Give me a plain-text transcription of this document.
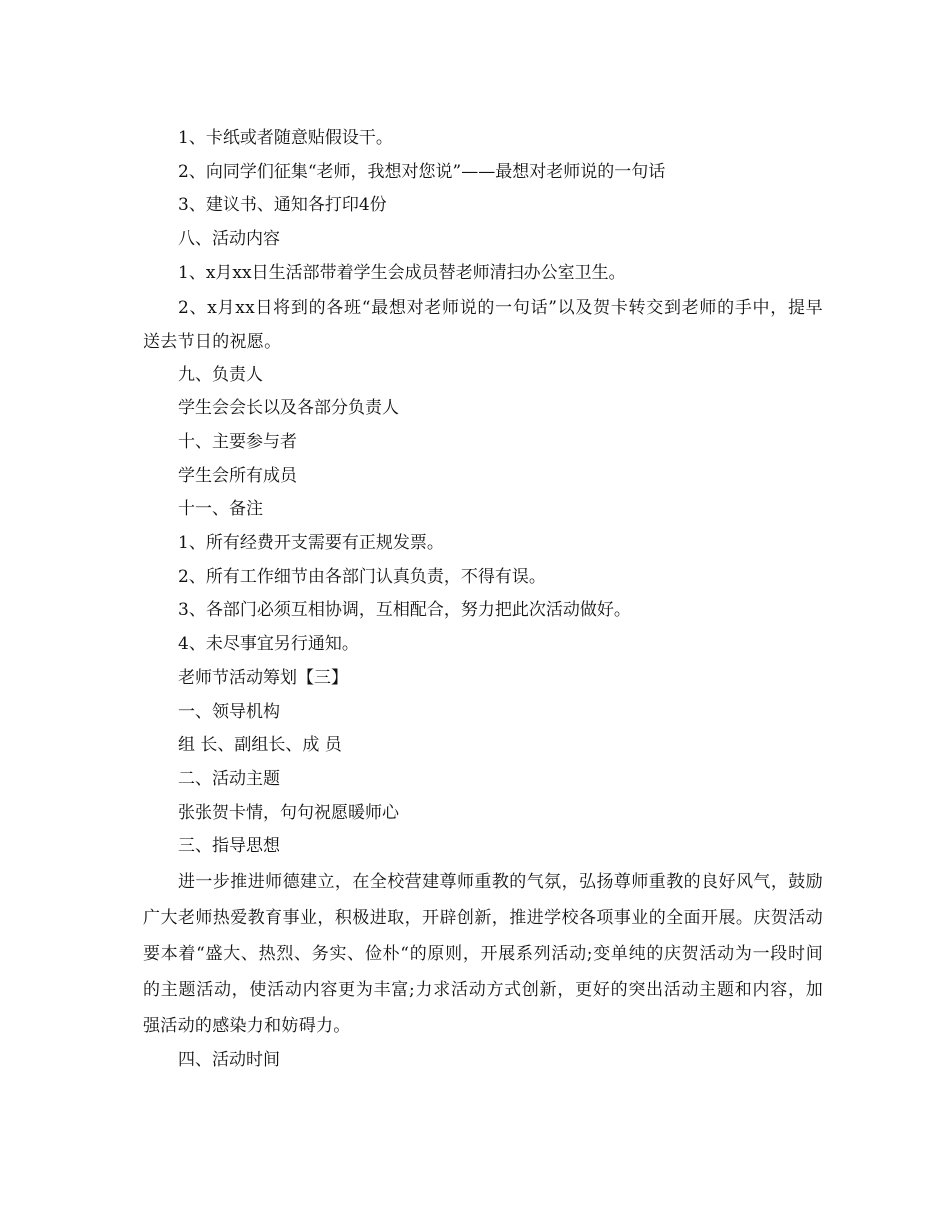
1、卡纸或者随意贴假设干。

2、向同学们征集“老师，我想对您说”——最想对老师说的一句话

3、建议书、通知各打印4份

八、活动内容

1、x月xx日生活部带着学生会成员替老师清扫办公室卫生。

2、x月xx日将到的各班“最想对老师说的一句话”以及贺卡转交到老师的手中，提早送去节日的祝愿。

九、负责人

学生会会长以及各部分负责人

十、主要参与者

学生会所有成员

十一、备注

1、所有经费开支需要有正规发票。

2、所有工作细节由各部门认真负责，不得有误。

3、各部门必须互相协调，互相配合，努力把此次活动做好。

4、未尽事宜另行通知。

老师节活动筹划【三】

一、领导机构

组 长、副组长、成 员

二、活动主题

张张贺卡情，句句祝愿暖师心

三、指导思想

进一步推进师德建立，在全校营建尊师重教的气氛，弘扬尊师重教的良好风气，鼓励广大老师热爱教育事业，积极进取，开辟创新，推进学校各项事业的全面开展。庆贺活动要本着“盛大、热烈、务实、俭朴“的原则，开展系列活动;变单纯的庆贺活动为一段时间的主题活动，使活动内容更为丰富;力求活动方式创新，更好的突出活动主题和内容，加强活动的感染力和妨碍力。

四、活动时间
